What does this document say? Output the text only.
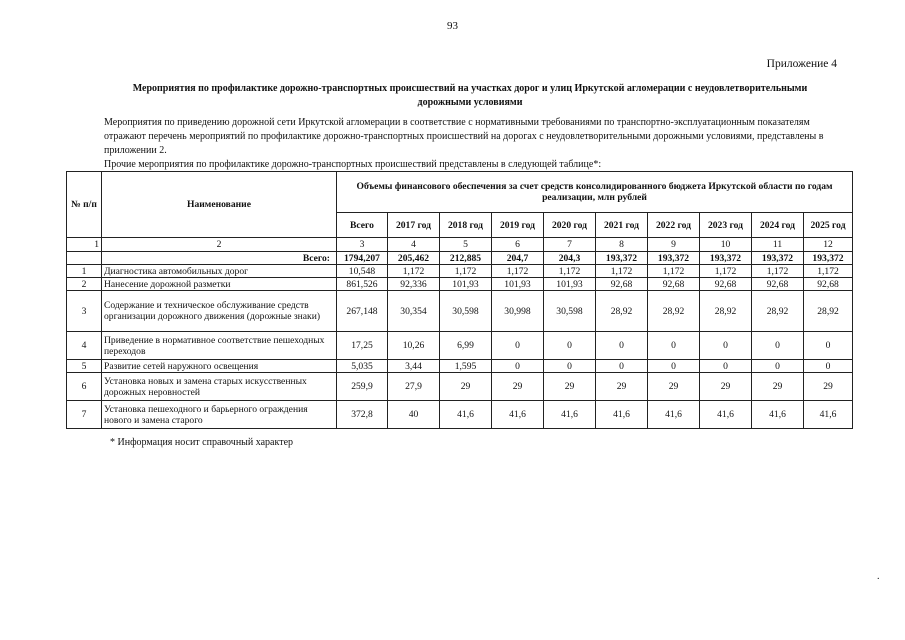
93
Приложение 4
Мероприятия по профилактике дорожно-транспортных происшествий на участках дорог и улиц Иркутской агломерации с неудовлетворительными дорожными условиями

Мероприятия по приведению дорожной сети Иркутской агломерации в соответствие с нормативными требованиями по транспортно-эксплуатационным показателям отражают перечень мероприятий по профилактике дорожно-транспортных происшествий на дорогах с неудовлетворительными дорожными условиями, представлены в приложении 2.

Прочие мероприятия по профилактике дорожно-транспортных происшествий представлены в следующей таблице*:

№ п/п	Наименование	Объемы финансового обеспечения за счет средств консолидированного бюджета Иркутской области по годам реализации, млн рублей									
		Всего	2017 год	2018 год	2019 год	2020 год	2021 год	2022 год	2023 год	2024 год	2025 год
1	2	3	4	5	6	7	8	9	10	11	12
	Всего:	1794,207	205,462	212,885	204,7	204,3	193,372	193,372	193,372	193,372	193,372
1	Диагностика автомобильных дорог	10,548	1,172	1,172	1,172	1,172	1,172	1,172	1,172	1,172	1,172
2	Нанесение дорожной разметки	861,526	92,336	101,93	101,93	101,93	92,68	92,68	92,68	92,68	92,68
3	Содержание и техническое обслуживание средств организации дорожного движения (дорожные знаки)	267,148	30,354	30,598	30,998	30,598	28,92	28,92	28,92	28,92	28,92
4	Приведение в нормативное соответствие пешеходных переходов	17,25	10,26	6,99	0	0	0	0	0	0	0
5	Развитие сетей наружного освещения	5,035	3,44	1,595	0	0	0	0	0	0	0
6	Установка новых и замена старых искусственных дорожных неровностей	259,9	27,9	29	29	29	29	29	29	29	29
7	Установка пешеходного и барьерного ограждения нового и замена старого	372,8	40	41,6	41,6	41,6	41,6	41,6	41,6	41,6	41,6
* Информация носит справочный характер
.
